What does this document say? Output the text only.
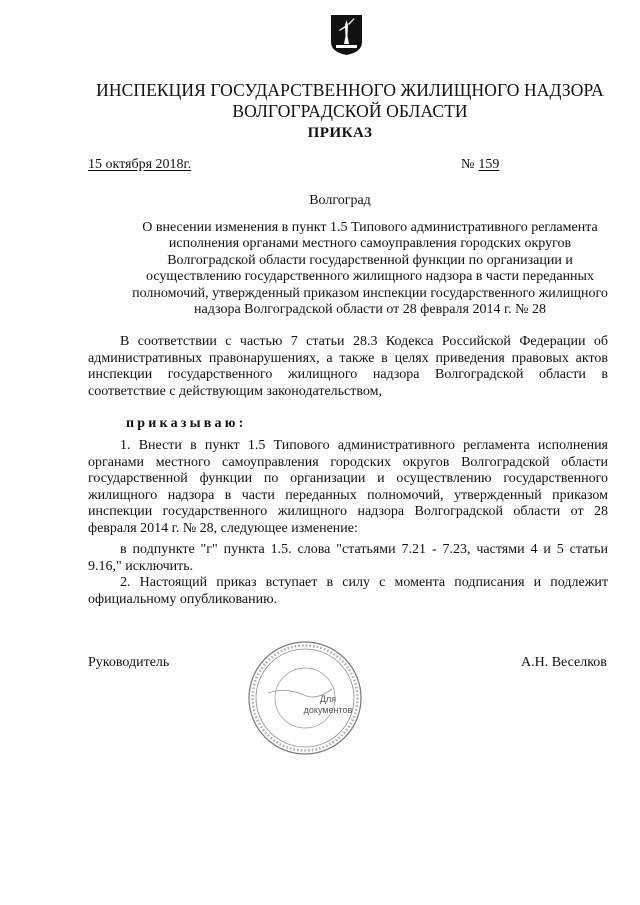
ИНСПЕКЦИЯ ГОСУДАРСТВЕННОГО ЖИЛИЩНОГО НАДЗОРА
ВОЛГОГРАДСКОЙ ОБЛАСТИ
ПРИКАЗ
15 октября 2018г.	№ 159
Волгоград
О внесении изменения в пункт 1.5 Типового административного регламента
исполнения органами местного самоуправления городских округов
Волгоградской области государственной функции по организации и
осуществлению государственного жилищного надзора в части переданных
полномочий, утвержденный приказом инспекции государственного жилищного
надзора Волгоградской области от 28 февраля 2014 г. № 28
В соответствии с частью 7 статьи 28.3 Кодекса Российской Федерации об административных правонарушениях, а также в целях приведения правовых актов инспекции государственного жилищного надзора Волгоградской области в соответствие с действующим законодательством,
приказываю:
1. Внести в пункт 1.5 Типового административного регламента исполнения органами местного самоуправления городских округов Волгоградской области государственной функции по организации и осуществлению государственного жилищного надзора в части переданных полномочий, утвержденный приказом инспекции государственного жилищного надзора Волгоградской области от 28 февраля 2014 г. № 28, следующее изменение:
в подпункте "г" пункта 1.5. слова "статьями 7.21 - 7.23, частями 4 и 5 статьи 9.16," исключить.
2. Настоящий приказ вступает в силу с момента подписания и подлежит официальному опубликованию.
Руководитель	А.Н. Веселков
Для
документов
